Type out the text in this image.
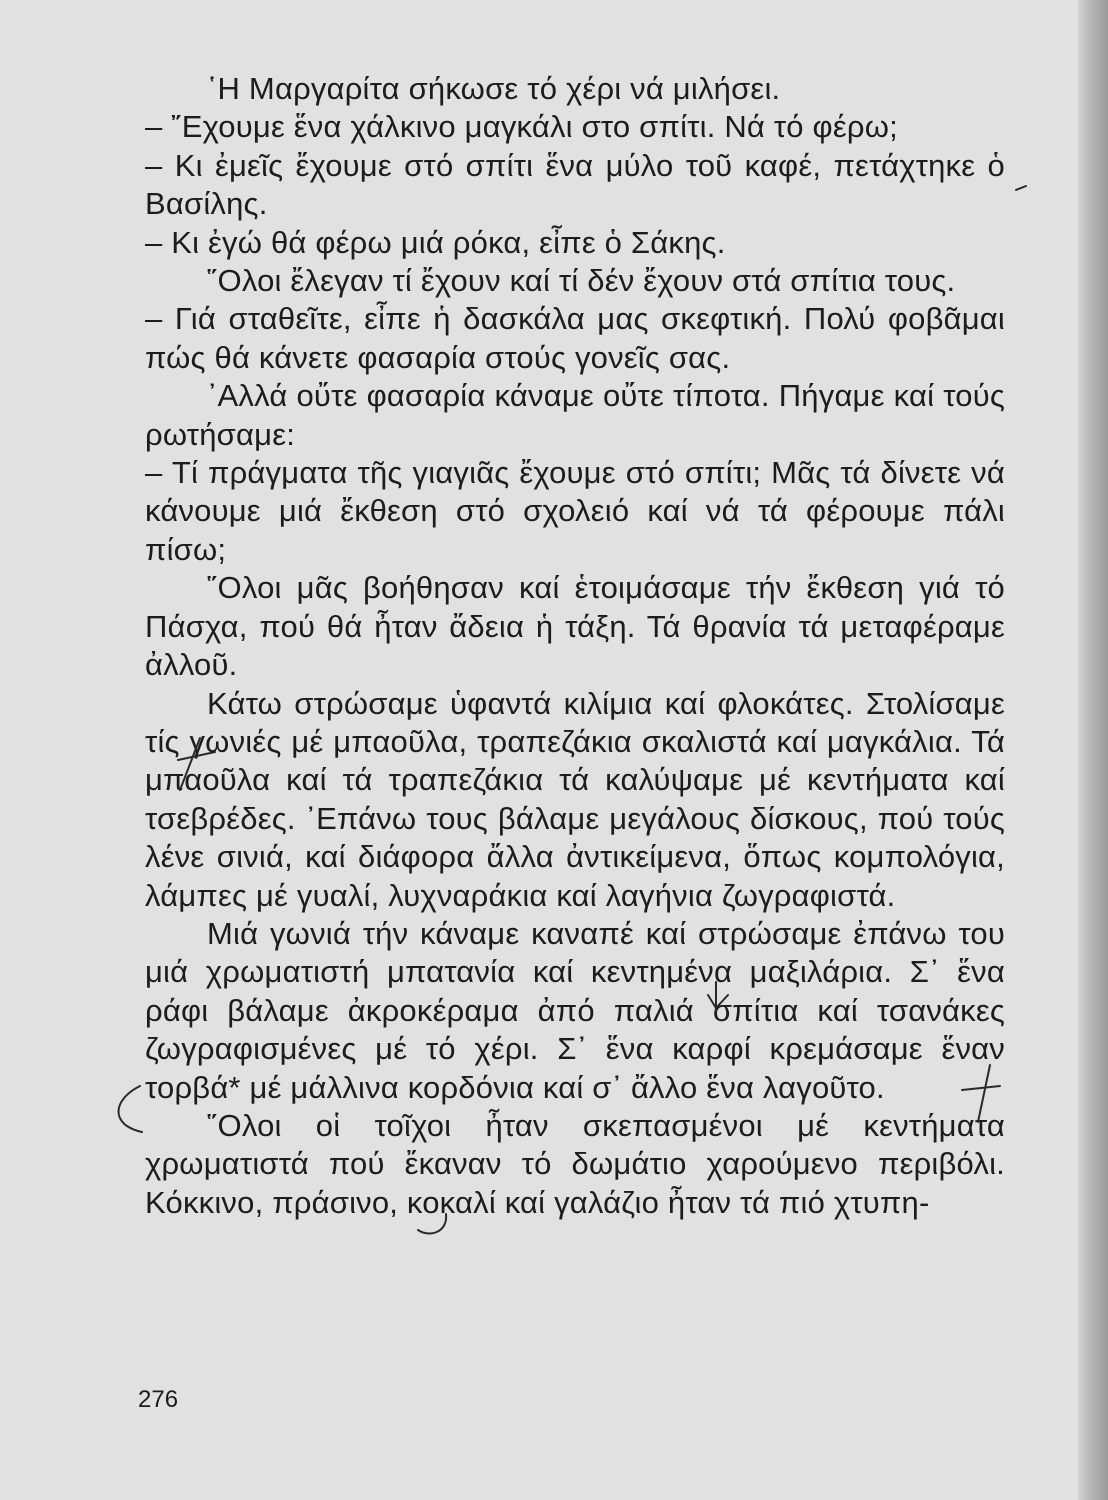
῾Η Μαργαρίτα σήκωσε τό χέρι νά μιλήσει.

– ῎Εχουμε ἕνα χάλκινο μαγκάλι στο σπίτι. Νά τό φέρω;

– Κι ἐμεῖς ἔχουμε στό σπίτι ἕνα μύλο τοῦ καφέ, πετάχτηκε ὁ Βασίλης.

– Κι ἐγώ θά φέρω μιά ρόκα, εἶπε ὁ Σάκης.

῞Ολοι ἔλεγαν τί ἔχουν καί τί δέν ἔχουν στά σπίτια τους.

– Γιά σταθεῖτε, εἶπε ἡ δασκάλα μας σκεφτική. Πολύ φοβᾶμαι πώς θά κάνετε φασαρία στούς γονεῖς σας.

᾿Αλλά οὔτε φασαρία κάναμε οὔτε τίποτα. Πήγαμε καί τούς ρωτήσαμε:

– Τί πράγματα τῆς γιαγιᾶς ἔχουμε στό σπίτι; Μᾶς τά δίνετε νά κάνουμε μιά ἔκθεση στό σχολειό καί νά τά φέρουμε πάλι πίσω;

῞Ολοι μᾶς βοήθησαν καί ἑτοιμάσαμε τήν ἔκθεση γιά τό Πάσχα, πού θά ἦταν ἄδεια ἡ τάξη. Τά θρανία τά μεταφέραμε ἀλλοῦ.

Κάτω στρώσαμε ὑφαντά κιλίμια καί φλοκάτες. Στολίσαμε τίς γωνιές μέ μπαοῦλα, τραπεζάκια σκαλιστά καί μαγκάλια. Τά μπαοῦλα καί τά τραπεζάκια τά καλύψαμε μέ κεντήματα καί τσεβρέδες. ᾿Επάνω τους βάλαμε μεγάλους δίσκους, πού τούς λένε σινιά, καί διάφορα ἄλλα ἀντικείμενα, ὅπως κομπολόγια, λάμπες μέ γυαλί, λυχναράκια καί λαγήνια ζωγραφιστά.

Μιά γωνιά τήν κάναμε καναπέ καί στρώσαμε ἐπάνω του μιά χρωματιστή μπατανία καί κεντημένα μαξιλάρια. Σ᾿ ἕνα ράφι βάλαμε ἀκροκέραμα ἀπό παλιά σπίτια καί τσανάκες ζωγραφισμένες μέ τό χέρι. Σ᾿ ἕνα καρφί κρεμάσαμε ἕναν τορβά* μέ μάλλινα κορδόνια καί σ᾿ ἄλλο ἕνα λαγοῦτο.

῞Ολοι οἱ τοῖχοι ἦταν σκεπασμένοι μέ κεντήματα χρωματιστά πού ἔκαναν τό δωμάτιο χαρούμενο περιβόλι. Κόκκινο, πράσινο, κοκαλί καί γαλάζιο ἦταν τά πιό χτυπη-

276
